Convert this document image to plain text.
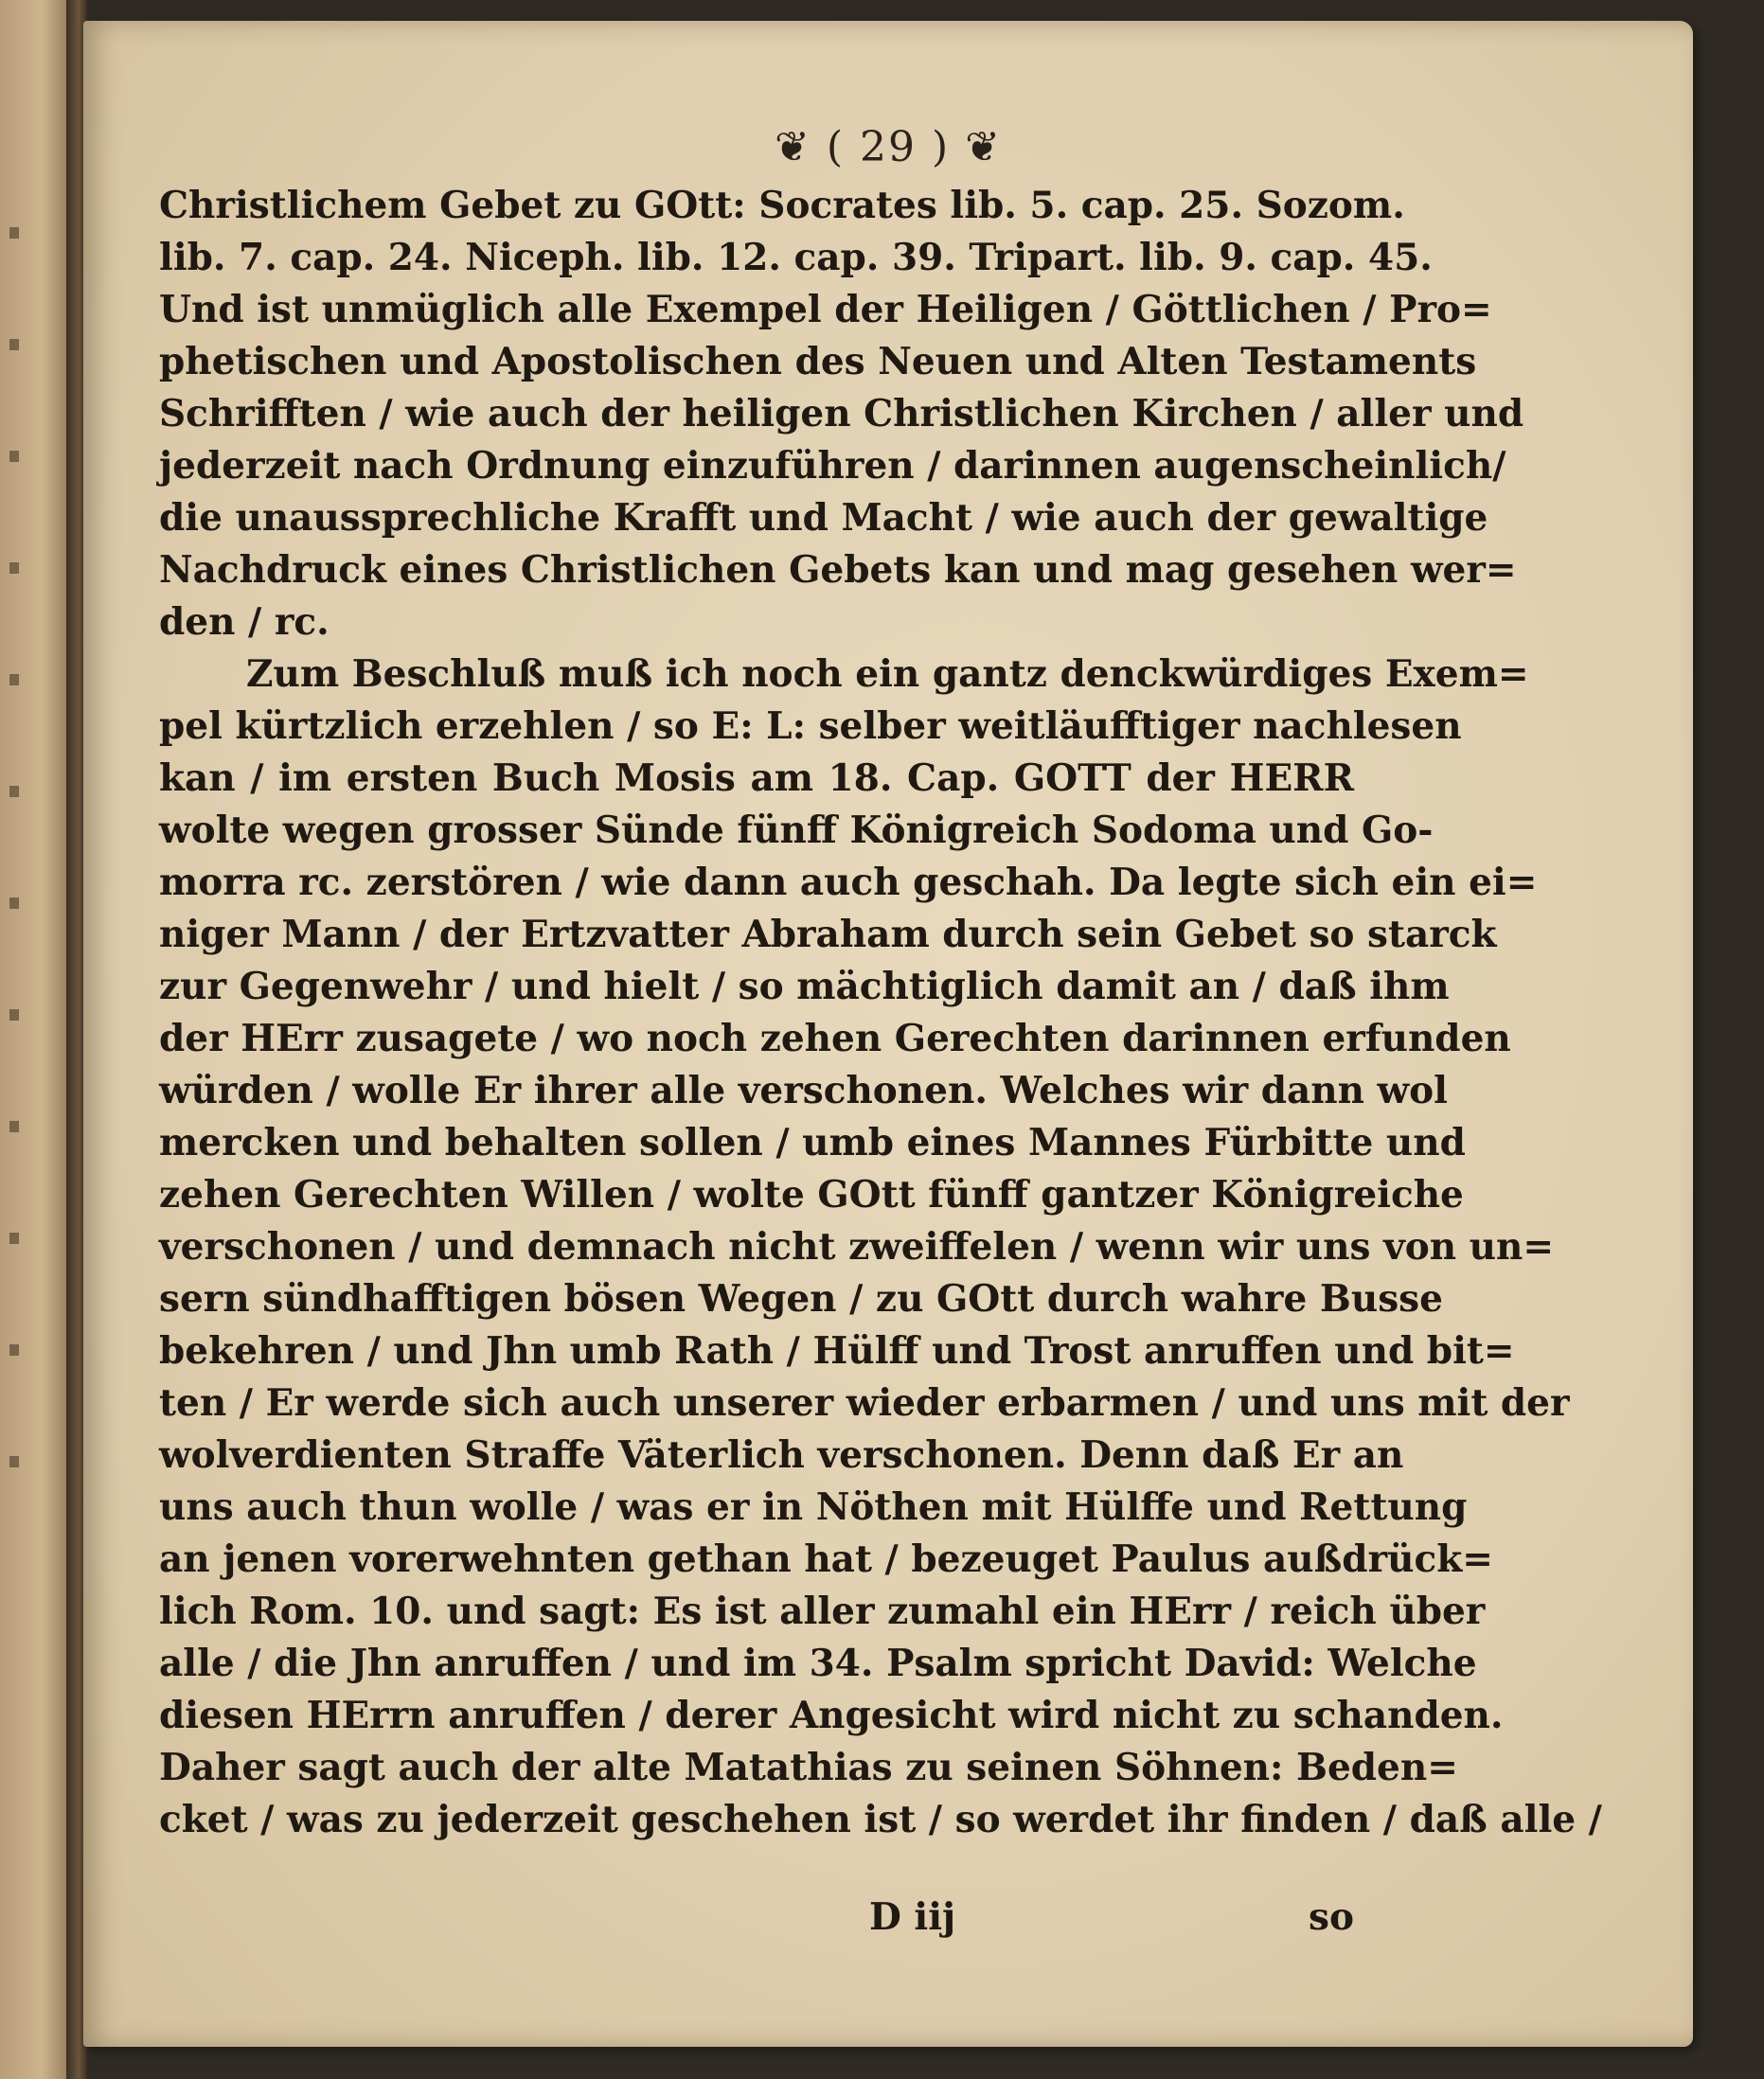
❦ ( 29 ) ❦
Christlichem Gebet zu GOtt: Socrates lib. 5. cap. 25. Sozom.
lib. 7. cap. 24. Niceph. lib. 12. cap. 39. Tripart. lib. 9. cap. 45.
Und ist unmüglich alle Exempel der Heiligen / Göttlichen / Pro=
phetischen und Apostolischen des Neuen und Alten Testaments
Schrifften / wie auch der heiligen Christlichen Kirchen / aller und
jederzeit nach Ordnung einzuführen / darinnen augenscheinlich/
die unaussprechliche Krafft und Macht / wie auch der gewaltige
Nachdruck eines Christlichen Gebets kan und mag gesehen wer=
den / rc.
Zum Beschluß muß ich noch ein gantz denckwürdiges Exem=
pel kürtzlich erzehlen / so E: L: selber weitläufftiger nachlesen
kan / im ersten Buch Mosis am 18. Cap. GOTT der HERR
wolte wegen grosser Sünde fünff Königreich Sodoma und Go-
morra rc. zerstören / wie dann auch geschah. Da legte sich ein ei=
niger Mann / der Ertzvatter Abraham durch sein Gebet so starck
zur Gegenwehr / und hielt / so mächtiglich damit an / daß ihm
der HErr zusagete / wo noch zehen Gerechten darinnen erfunden
würden / wolle Er ihrer alle verschonen. Welches wir dann wol
mercken und behalten sollen / umb eines Mannes Fürbitte und
zehen Gerechten Willen / wolte GOtt fünff gantzer Königreiche
verschonen / und demnach nicht zweiffelen / wenn wir uns von un=
sern sündhafftigen bösen Wegen / zu GOtt durch wahre Busse
bekehren / und Jhn umb Rath / Hülff und Trost anruffen und bit=
ten / Er werde sich auch unserer wieder erbarmen / und uns mit der
wolverdienten Straffe Väterlich verschonen. Denn daß Er an
uns auch thun wolle / was er in Nöthen mit Hülffe und Rettung
an jenen vorerwehnten gethan hat / bezeuget Paulus außdrück=
lich Rom. 10. und sagt: Es ist aller zumahl ein HErr / reich über
alle / die Jhn anruffen / und im 34. Psalm spricht David: Welche
diesen HErrn anruffen / derer Angesicht wird nicht zu schanden.
Daher sagt auch der alte Matathias zu seinen Söhnen: Beden=
cket / was zu jederzeit geschehen ist / so werdet ihr finden / daß alle /
D iij	so
